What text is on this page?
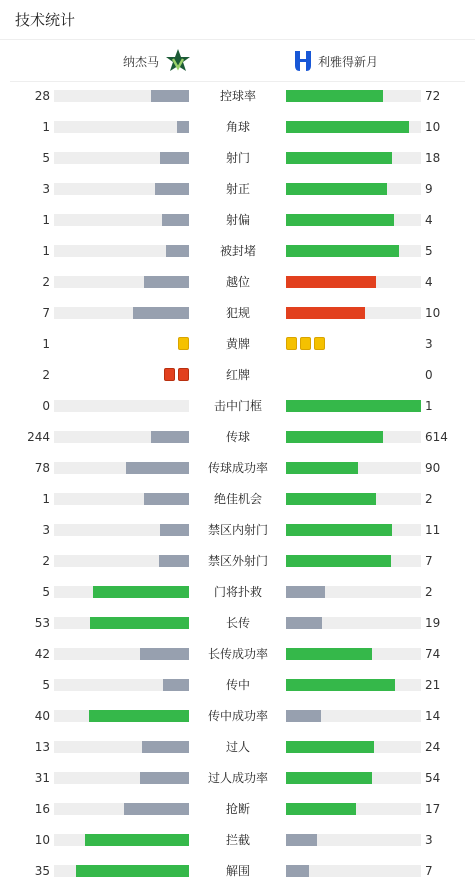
技术统计
纳杰马	利雅得新月
28	控球率	72
1	角球	10
5	射门	18
3	射正	9
1	射偏	4
1	被封堵	5
2	越位	4
7	犯规	10
1	黄牌	3
2	红牌	0
0	击中门框	1
244	传球	614
78	传球成功率	90
1	绝佳机会	2
3	禁区内射门	11
2	禁区外射门	7
5	门将扑救	2
53	长传	19
42	长传成功率	74
5	传中	21
40	传中成功率	14
13	过人	24
31	过人成功率	54
16	抢断	17
10	拦截	3
35	解围	7
